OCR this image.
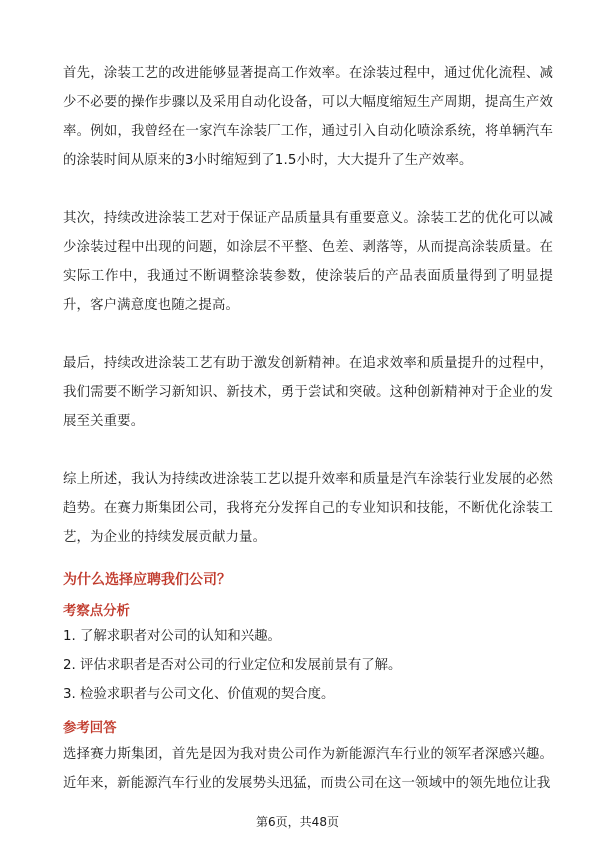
首先，涂装工艺的改进能够显著提高工作效率。在涂装过程中，通过优化流程、减少不必要的操作步骤以及采用自动化设备，可以大幅度缩短生产周期，提高生产效率。例如，我曾经在一家汽车涂装厂工作，通过引入自动化喷涂系统，将单辆汽车的涂装时间从原来的3小时缩短到了1.5小时，大大提升了生产效率。

其次，持续改进涂装工艺对于保证产品质量具有重要意义。涂装工艺的优化可以减少涂装过程中出现的问题，如涂层不平整、色差、剥落等，从而提高涂装质量。在实际工作中，我通过不断调整涂装参数，使涂装后的产品表面质量得到了明显提升，客户满意度也随之提高。

最后，持续改进涂装工艺有助于激发创新精神。在追求效率和质量提升的过程中，我们需要不断学习新知识、新技术，勇于尝试和突破。这种创新精神对于企业的发展至关重要。

综上所述，我认为持续改进涂装工艺以提升效率和质量是汽车涂装行业发展的必然趋势。在赛力斯集团公司，我将充分发挥自己的专业知识和技能，不断优化涂装工艺，为企业的持续发展贡献力量。

为什么选择应聘我们公司？
考察点分析
1. 了解求职者对公司的认知和兴趣。
2. 评估求职者是否对公司的行业定位和发展前景有了解。
3. 检验求职者与公司文化、价值观的契合度。
参考回答

选择赛力斯集团，首先是因为我对贵公司作为新能源汽车行业的领军者深感兴趣。近年来，新能源汽车行业的发展势头迅猛，而贵公司在这一领域中的领先地位让我

第6页，共48页
